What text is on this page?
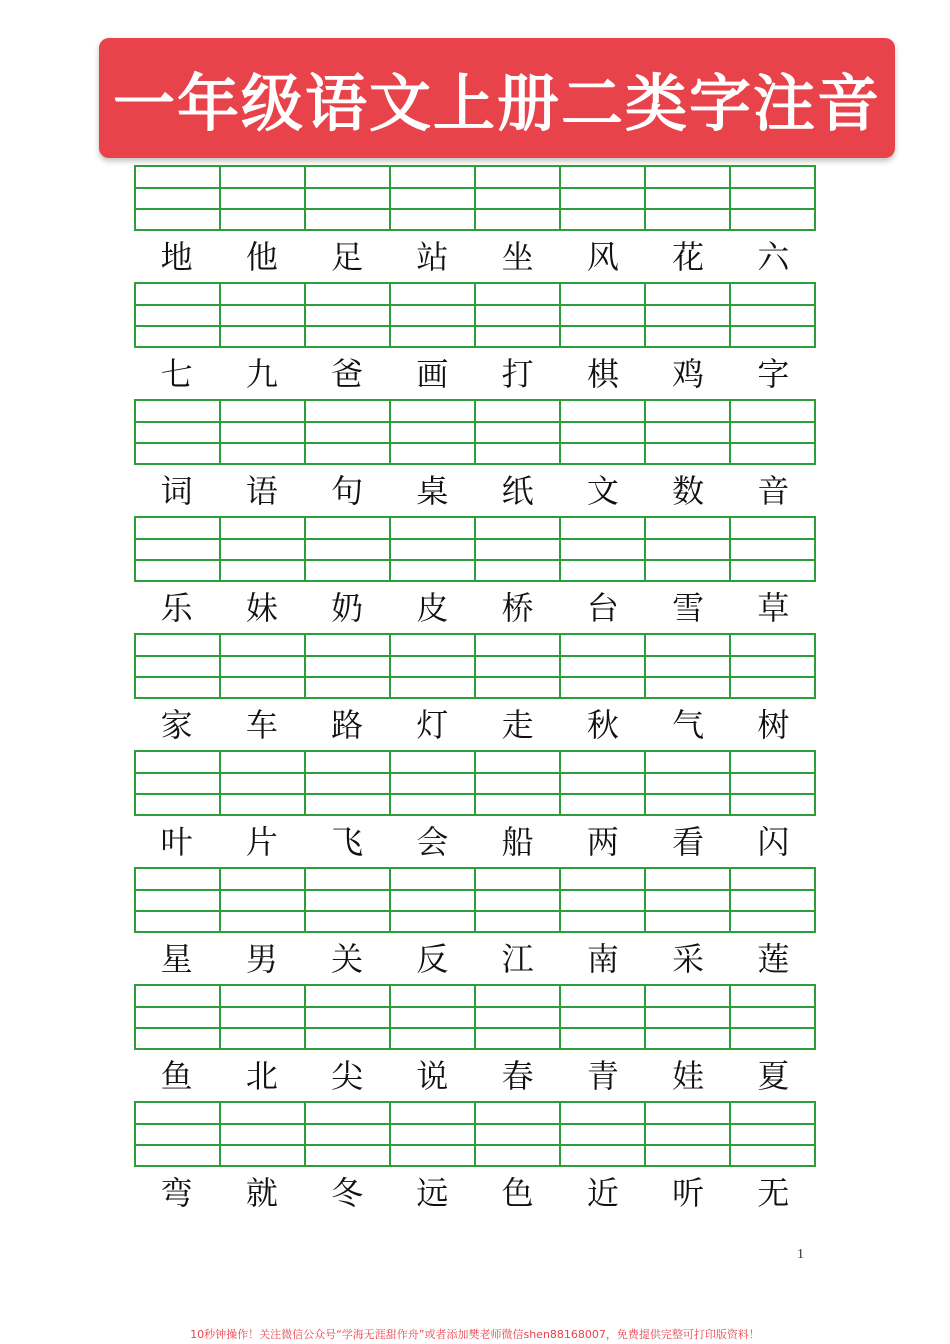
一年级语文上册二类字注音
地	他	足	站	坐	风	花	六
七	九	爸	画	打	棋	鸡	字
词	语	句	桌	纸	文	数	音
乐	妹	奶	皮	桥	台	雪	草
家	车	路	灯	走	秋	气	树
叶	片	飞	会	船	两	看	闪
星	男	关	反	江	南	采	莲
鱼	北	尖	说	春	青	娃	夏
弯	就	冬	远	色	近	听	无
1
10秒钟操作！关注微信公众号“学海无涯甜作舟”或者添加樊老师微信shen88168007，免费提供完整可打印版资料！
